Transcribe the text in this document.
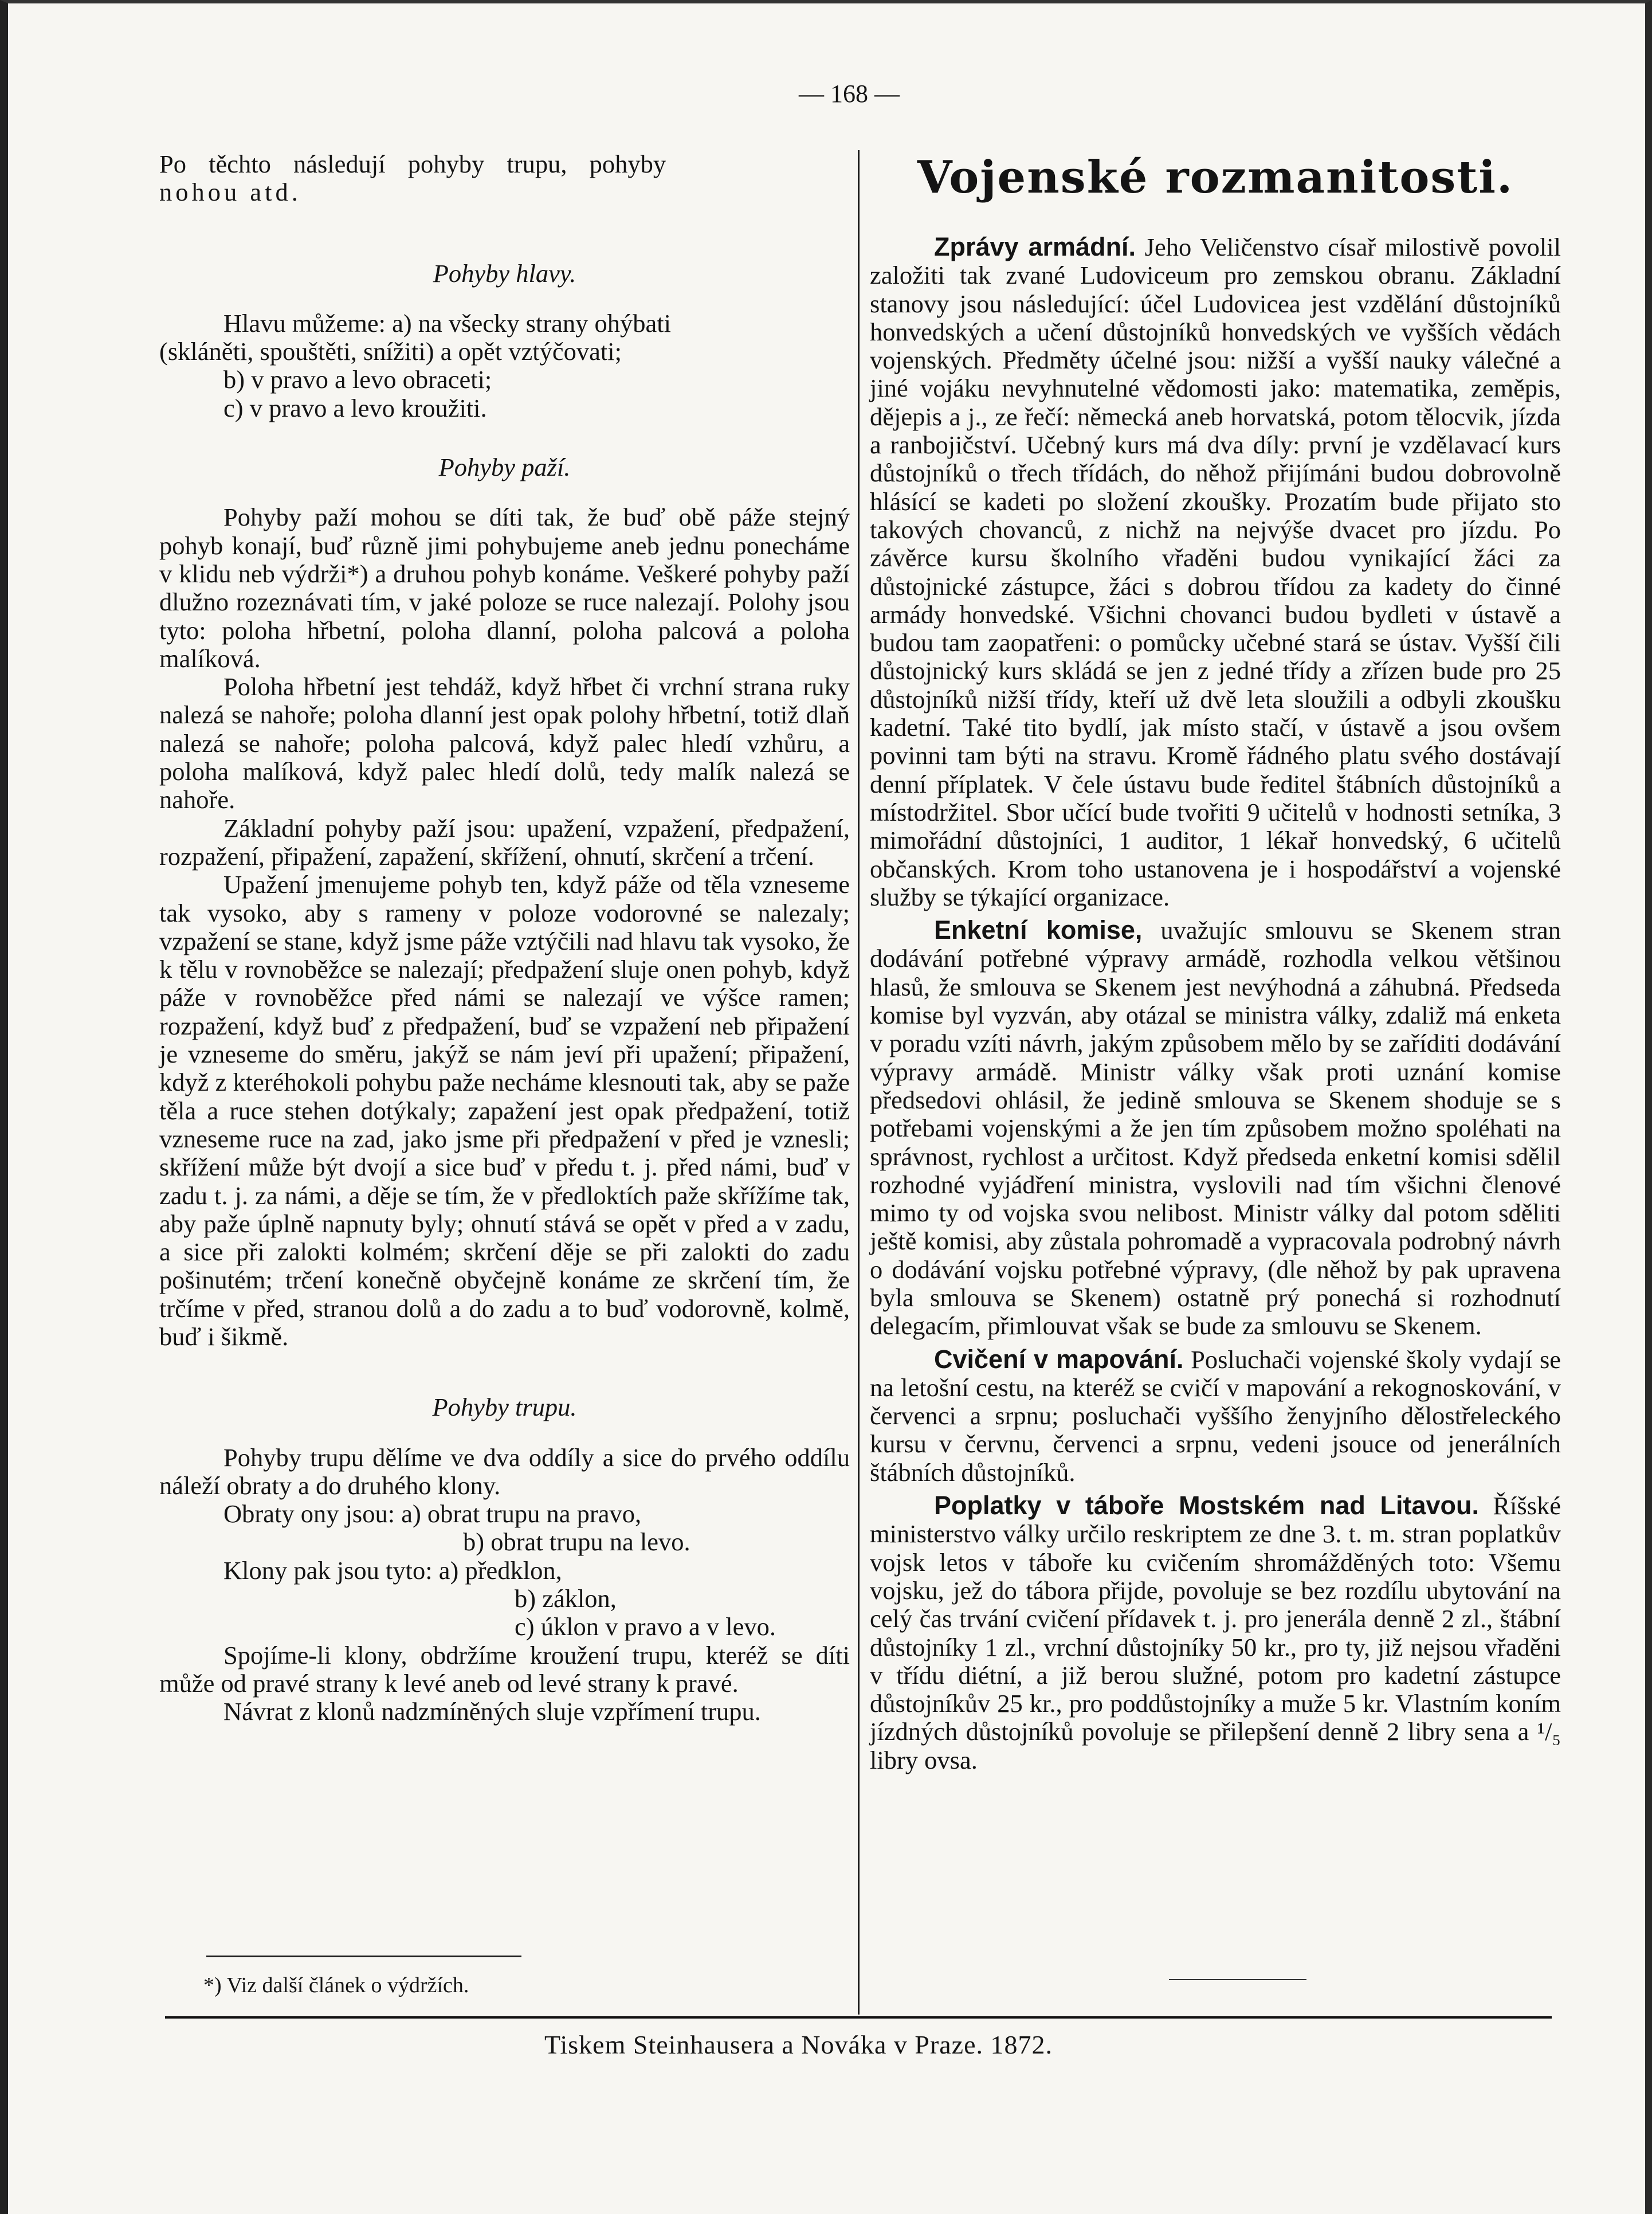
— 168 —

Po těchto následují pohyby trupu, pohyby

nohou atd.

Pohyby hlavy.

Hlavu můžeme: a) na všecky strany ohýbati

(skláněti, spouštěti, snížiti) a opět vztýčovati;

b) v pravo a levo obraceti;

c) v pravo a levo kroužiti.

Pohyby paží.

Pohyby paží mohou se díti tak, že buď obě páže stejný pohyb konají, buď různě jimi pohybujeme aneb jednu ponecháme v klidu neb výdrži*) a druhou pohyb konáme. Veškeré pohyby paží dlužno rozeznávati tím, v jaké poloze se ruce nalezají. Polohy jsou tyto: poloha hřbetní, poloha dlanní, poloha palcová a poloha malíková.

Poloha hřbetní jest tehdáž, když hřbet či vrchní strana ruky nalezá se nahoře; poloha dlanní jest opak polohy hřbetní, totiž dlaň nalezá se nahoře; poloha palcová, když palec hledí vzhůru, a poloha malíková, když palec hledí dolů, tedy malík nalezá se nahoře.

Základní pohyby paží jsou: upažení, vzpažení, předpažení, rozpažení, připažení, zapažení, skřížení, ohnutí, skrčení a trčení.

Upažení jmenujeme pohyb ten, když páže od těla vzneseme tak vysoko, aby s rameny v poloze vodorovné se nalezaly; vzpažení se stane, když jsme páže vztýčili nad hlavu tak vysoko, že k tělu v rovnoběžce se nalezají; předpažení sluje onen pohyb, když páže v rovnoběžce před námi se nalezají ve výšce ramen; rozpažení, když buď z předpažení, buď se vzpažení neb připažení je vzneseme do směru, jakýž se nám jeví při upažení; připažení, když z kteréhokoli pohybu paže necháme klesnouti tak, aby se paže těla a ruce stehen dotýkaly; zapažení jest opak předpažení, totiž vzneseme ruce na zad, jako jsme při předpažení v před je vznesli; skřížení může být dvojí a sice buď v předu t. j. před námi, buď v zadu t. j. za námi, a děje se tím, že v předloktích paže skřížíme tak, aby paže úplně napnuty byly; ohnutí stává se opět v před a v zadu, a sice při zalokti kolmém; skrčení děje se při zalokti do zadu pošinutém; trčení konečně obyčejně konáme ze skrčení tím, že trčíme v před, stranou dolů a do zadu a to buď vodorovně, kolmě, buď i šikmě.

Pohyby trupu.

Pohyby trupu dělíme ve dva oddíly a sice do prvého oddílu náleží obraty a do druhého klony.

Obraty ony jsou: a) obrat trupu na pravo,

b) obrat trupu na levo.

Klony pak jsou tyto: a) předklon,

b) záklon,

c) úklon v pravo a v levo.

Spojíme-li klony, obdržíme kroužení trupu, kteréž se díti může od pravé strany k levé aneb od levé strany k pravé.

Návrat z klonů nadzmíněných sluje vzpřímení trupu.

*) Viz další článek o výdržích.

Vojenské rozmanitosti.

Zprávy armádní. Jeho Veličenstvo císař milostivě povolil založiti tak zvané Ludoviceum pro zemskou obranu. Základní stanovy jsou následující: účel Ludovicea jest vzdělání důstojníků honvedských a učení důstojníků honvedských ve vyšších vědách vojenských. Předměty účelné jsou: nižší a vyšší nauky válečné a jiné vojáku nevyhnutelné vědomosti jako: matematika, zeměpis, dějepis a j., ze řečí: německá aneb horvatská, potom tělocvik, jízda a ranbojičství. Učebný kurs má dva díly: první je vzdělavací kurs důstojníků o třech třídách, do něhož přijímáni budou dobrovolně hlásící se kadeti po složení zkoušky. Prozatím bude přijato sto takových chovanců, z nichž na nejvýše dvacet pro jízdu. Po závěrce kursu školního vřaděni budou vynikající žáci za důstojnické zástupce, žáci s dobrou třídou za kadety do činné armády honvedské. Všichni chovanci budou bydleti v ústavě a budou tam zaopatřeni: o pomůcky učebné stará se ústav. Vyšší čili důstojnický kurs skládá se jen z jedné třídy a zřízen bude pro 25 důstojníků nižší třídy, kteří už dvě leta sloužili a odbyli zkoušku kadetní. Také tito bydlí, jak místo stačí, v ústavě a jsou ovšem povinni tam býti na stravu. Kromě řádného platu svého dostávají denní příplatek. V čele ústavu bude ředitel štábních důstojníků a místodržitel. Sbor učící bude tvořiti 9 učitelů v hodnosti setníka, 3 mimořádní důstojníci, 1 auditor, 1 lékař honvedský, 6 učitelů občanských. Krom toho ustanovena je i hospodářství a vojenské služby se týkající organizace.

Enketní komise, uvažujíc smlouvu se Skenem stran dodávání potřebné výpravy armádě, rozhodla velkou většinou hlasů, že smlouva se Skenem jest nevýhodná a záhubná. Předseda komise byl vyzván, aby otázal se ministra války, zdaliž má enketa v poradu vzíti návrh, jakým způsobem mělo by se zaříditi dodávání výpravy armádě. Ministr války však proti uznání komise předsedovi ohlásil, že jedině smlouva se Skenem shoduje se s potřebami vojenskými a že jen tím způsobem možno spoléhati na správnost, rychlost a určitost. Když předseda enketní komisi sdělil rozhodné vyjádření ministra, vyslovili nad tím všichni členové mimo ty od vojska svou nelibost. Ministr války dal potom sděliti ještě komisi, aby zůstala pohromadě a vypracovala podrobný návrh o dodávání vojsku potřebné výpravy, (dle něhož by pak upravena byla smlouva se Skenem) ostatně prý ponechá si rozhodnutí delegacím, přimlouvat však se bude za smlouvu se Skenem.

Cvičení v mapování. Posluchači vojenské školy vydají se na letošní cestu, na kteréž se cvičí v mapování a rekognoskování, v červenci a srpnu; posluchači vyššího ženyjního dělostřeleckého kursu v červnu, červenci a srpnu, vedeni jsouce od jenerálních štábních důstojníků.

Poplatky v táboře Mostském nad Litavou. Říšské ministerstvo války určilo reskriptem ze dne 3. t. m. stran poplatkův vojsk letos v táboře ku cvičením shromážděných toto: Všemu vojsku, jež do tábora přijde, povoluje se bez rozdílu ubytování na celý čas trvání cvičení přídavek t. j. pro jenerála denně 2 zl., štábní důstojníky 1 zl., vrchní důstojníky 50 kr., pro ty, již nejsou vřaděni v třídu diétní, a již berou služné, potom pro kadetní zástupce důstojníkův 25 kr., pro poddůstojníky a muže 5 kr. Vlastním koním jízdných důstojníků povoluje se přilepšení denně 2 libry sena a ¹/₅ libry ovsa.

Tiskem Steinhausera a Nováka v Praze. 1872.
